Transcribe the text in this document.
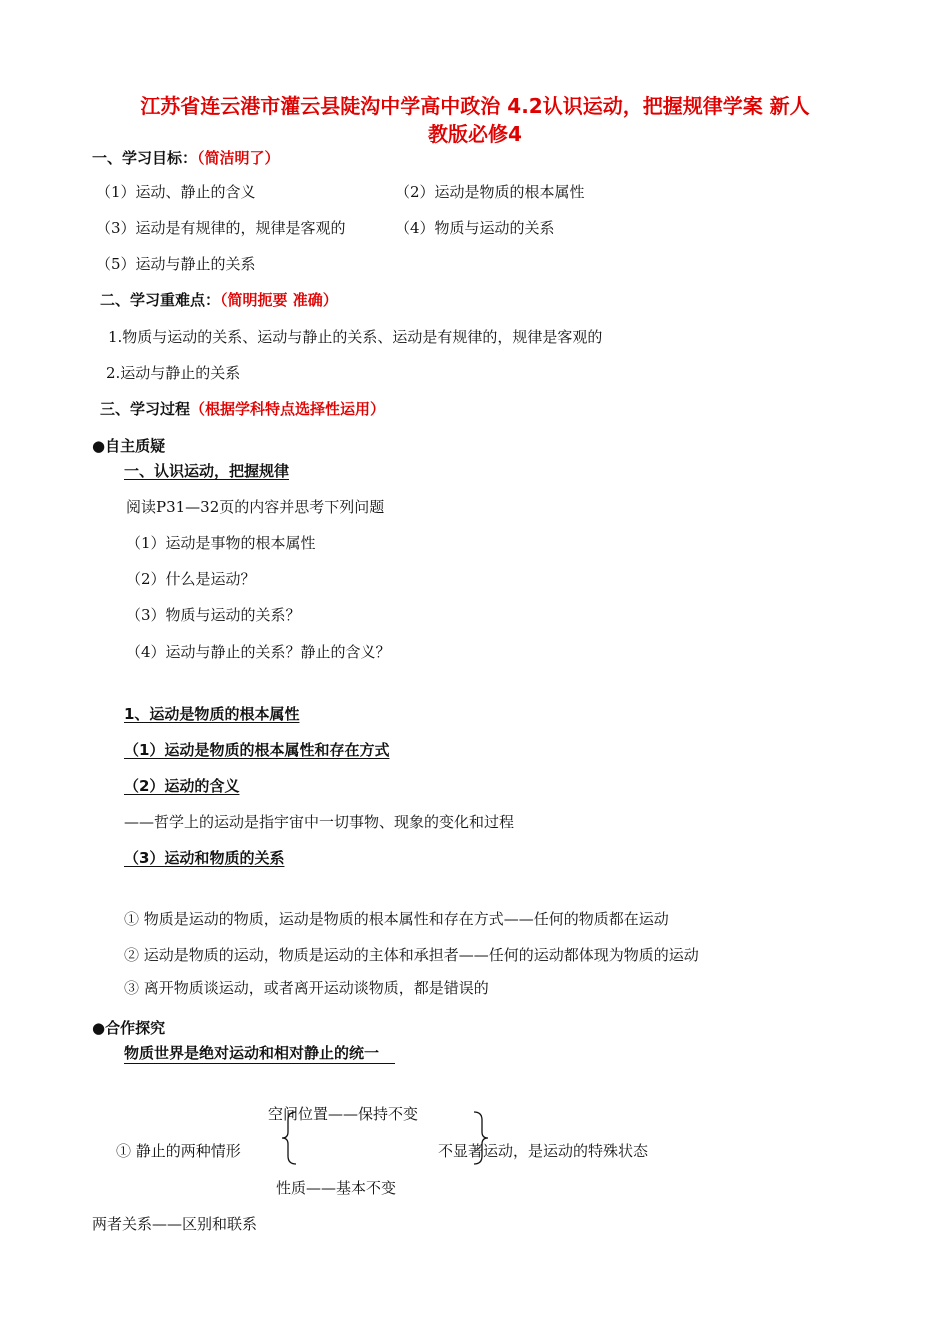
江苏省连云港市灌云县陡沟中学高中政治 4.2认识运动，把握规律学案 新人
教版必修4
一、学习目标：（简洁明了）
（1）运动、静止的含义	（2）运动是物质的根本属性
（3）运动是有规律的，规律是客观的	（4）物质与运动的关系
（5）运动与静止的关系
二、学习重难点：（简明扼要 准确）
1.物质与运动的关系、运动与静止的关系、运动是有规律的，规律是客观的
2.运动与静止的关系
三、学习过程（根据学科特点选择性运用）
●自主质疑
一、认识运动，把握规律
阅读P31—32页的内容并思考下列问题
（1）运动是事物的根本属性
（2）什么是运动？
（3）物质与运动的关系？
（4）运动与静止的关系？静止的含义？
1、运动是物质的根本属性
（1）运动是物质的根本属性和存在方式
（2）运动的含义
——哲学上的运动是指宇宙中一切事物、现象的变化和过程
（3）运动和物质的关系
① 物质是运动的物质，运动是物质的根本属性和存在方式——任何的物质都在运动
② 运动是物质的运动，物质是运动的主体和承担者——任何的运动都体现为物质的运动
③ 离开物质谈运动，或者离开运动谈物质，都是错误的
●合作探究
物质世界是绝对运动和相对静止的统一
空间位置——保持不变
① 静止的两种情形	不显著运动，是运动的特殊状态
性质——基本不变
两者关系——区别和联系
